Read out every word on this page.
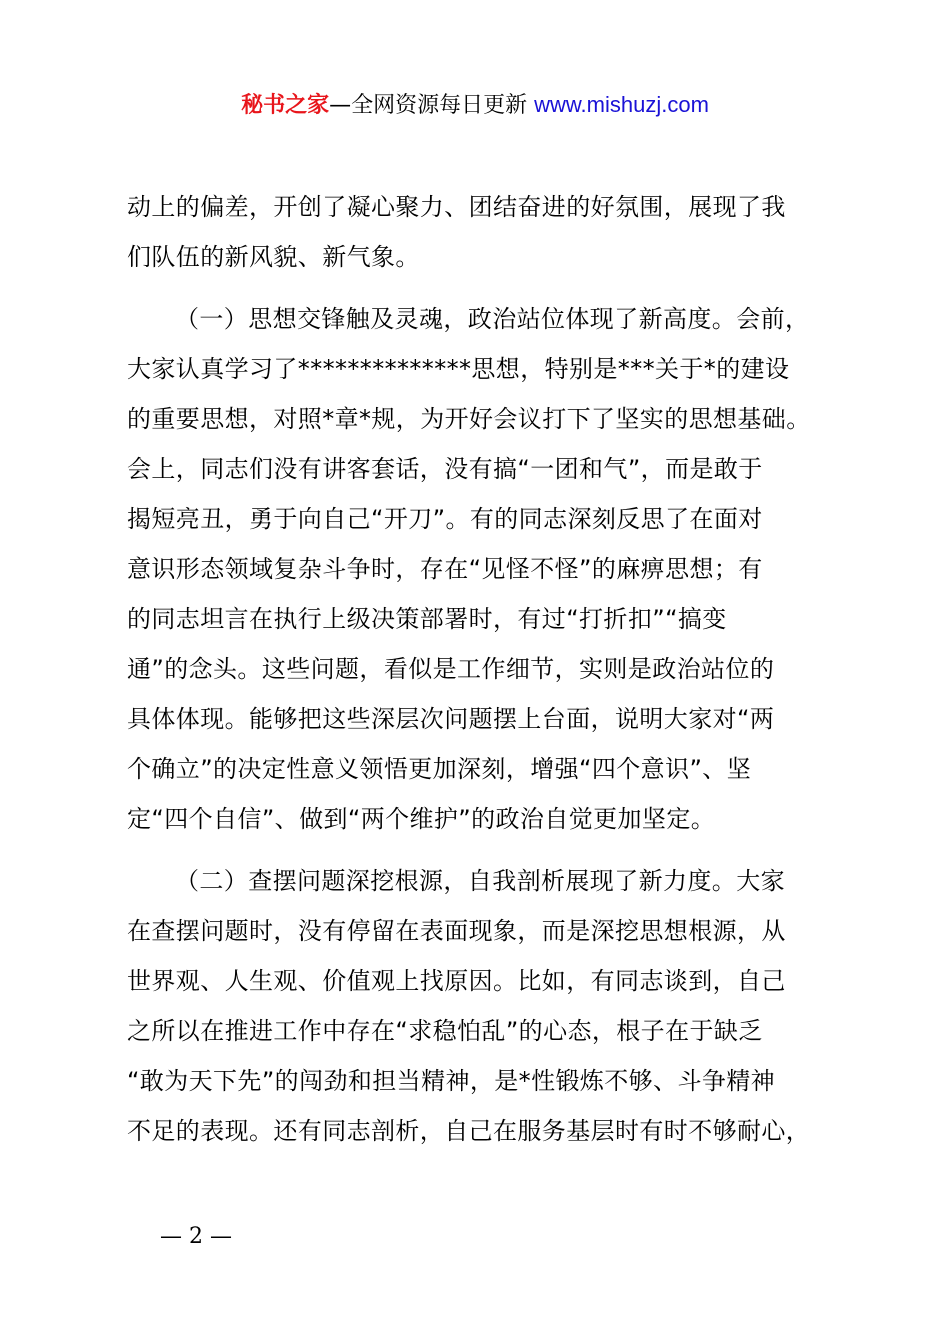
秘书之家—全网资源每日更新 www.mishuzj.com
动上的偏差，开创了凝心聚力、团结奋进的好氛围，展现了我
们队伍的新风貌、新气象。
（一）思想交锋触及灵魂，政治站位体现了新高度。会前，
大家认真学习了**************思想，特别是***关于*的建设
的重要思想，对照*章*规，为开好会议打下了坚实的思想基础。
会上，同志们没有讲客套话，没有搞“一团和气”，而是敢于
揭短亮丑，勇于向自己“开刀”。有的同志深刻反思了在面对
意识形态领域复杂斗争时，存在“见怪不怪”的麻痹思想；有
的同志坦言在执行上级决策部署时，有过“打折扣”“搞变
通”的念头。这些问题，看似是工作细节，实则是政治站位的
具体体现。能够把这些深层次问题摆上台面，说明大家对“两
个确立”的决定性意义领悟更加深刻，增强“四个意识”、坚
定“四个自信”、做到“两个维护”的政治自觉更加坚定。
（二）查摆问题深挖根源，自我剖析展现了新力度。大家
在查摆问题时，没有停留在表面现象，而是深挖思想根源，从
世界观、人生观、价值观上找原因。比如，有同志谈到，自己
之所以在推进工作中存在“求稳怕乱”的心态，根子在于缺乏
“敢为天下先”的闯劲和担当精神，是*性锻炼不够、斗争精神
不足的表现。还有同志剖析，自己在服务基层时有时不够耐心，
— 2 —
